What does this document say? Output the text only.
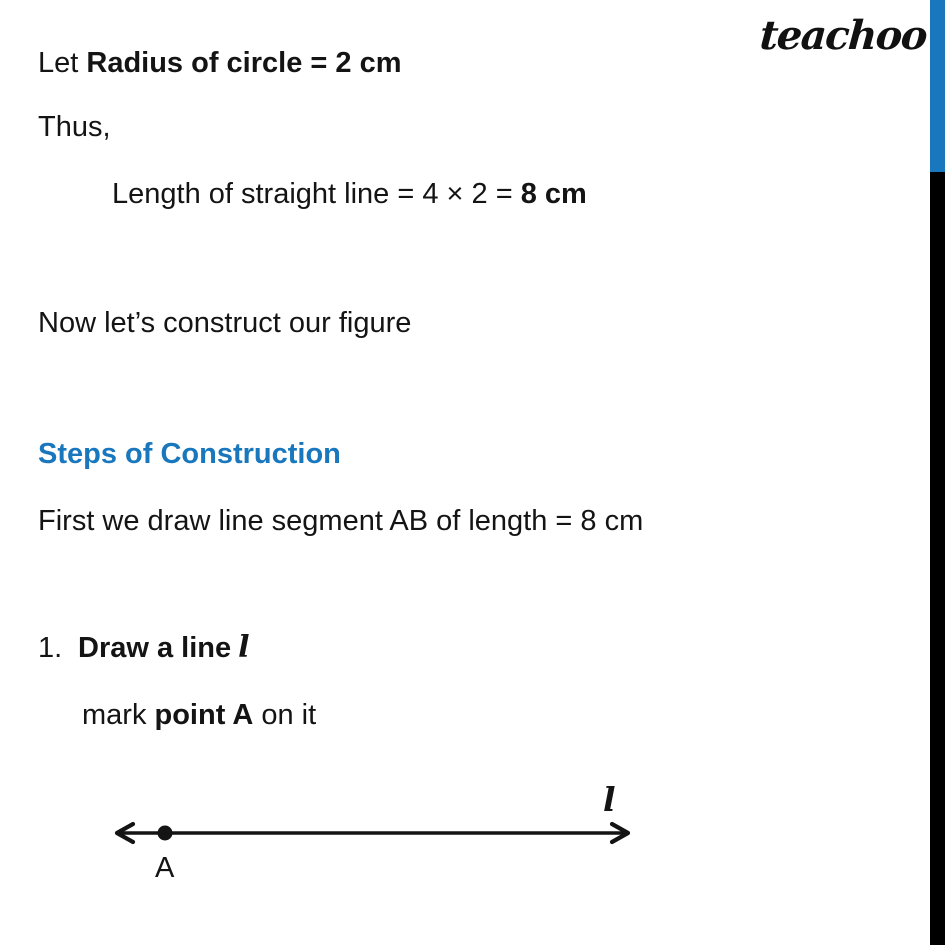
teachoo

Let Radius of circle = 2 cm

Thus,

Length of straight line = 4 × 2 = 8 cm

Now let’s construct our figure

Steps of Construction

First we draw line segment AB of length = 8 cm

1. Draw a line l

mark point A on it

A
l
